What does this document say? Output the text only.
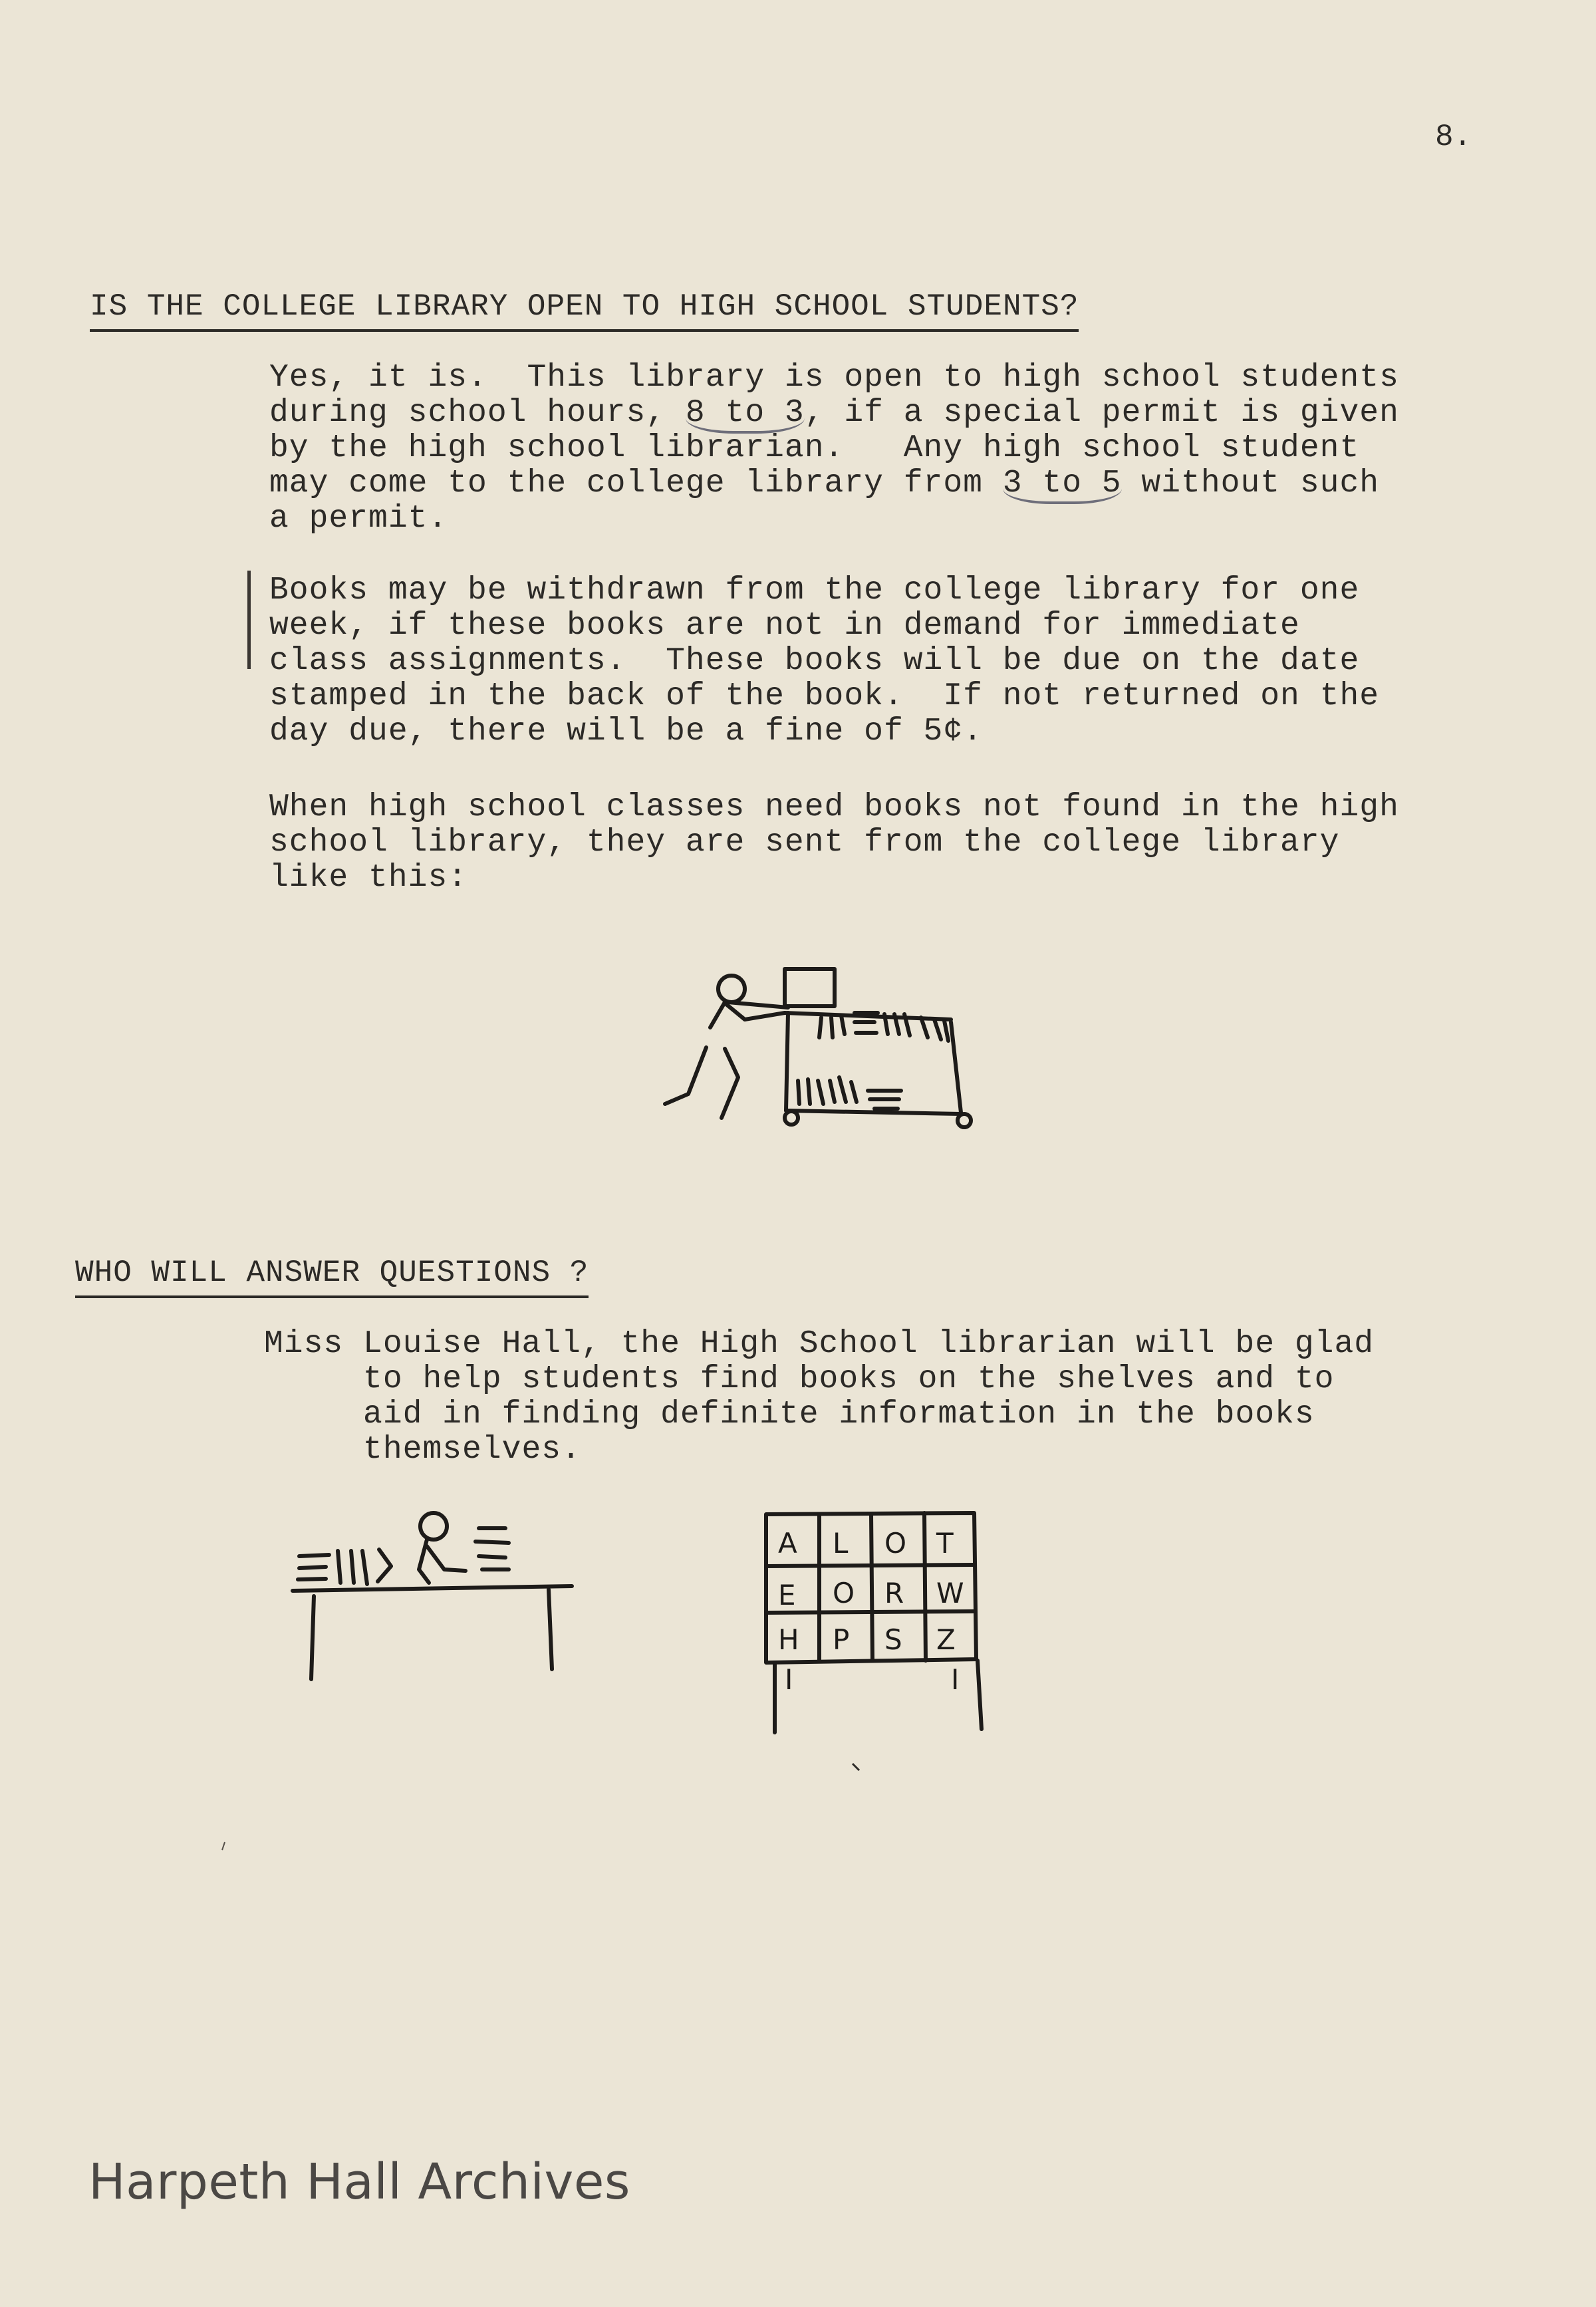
8.
IS THE COLLEGE LIBRARY OPEN TO HIGH SCHOOL STUDENTS?
Yes, it is.  This library is open to high school students
during school hours, 8 to 3, if a special permit is given
by the high school librarian.   Any high school student
may come to the college library from 3 to 5 without such
a permit.
Books may be withdrawn from the college library for one
week, if these books are not in demand for immediate
class assignments.  These books will be due on the date
stamped in the back of the book.  If not returned on the
day due, there will be a fine of 5¢.
When high school classes need books not found in the high
school library, they are sent from the college library
like this:
WHO WILL ANSWER QUESTIONS ?
Miss Louise Hall, the High School librarian will be glad
to help students find books on the shelves and to
aid in finding definite information in the books
themselves.
A L O T
E O R W
H P S Z
I	I
Harpeth Hall Archives
